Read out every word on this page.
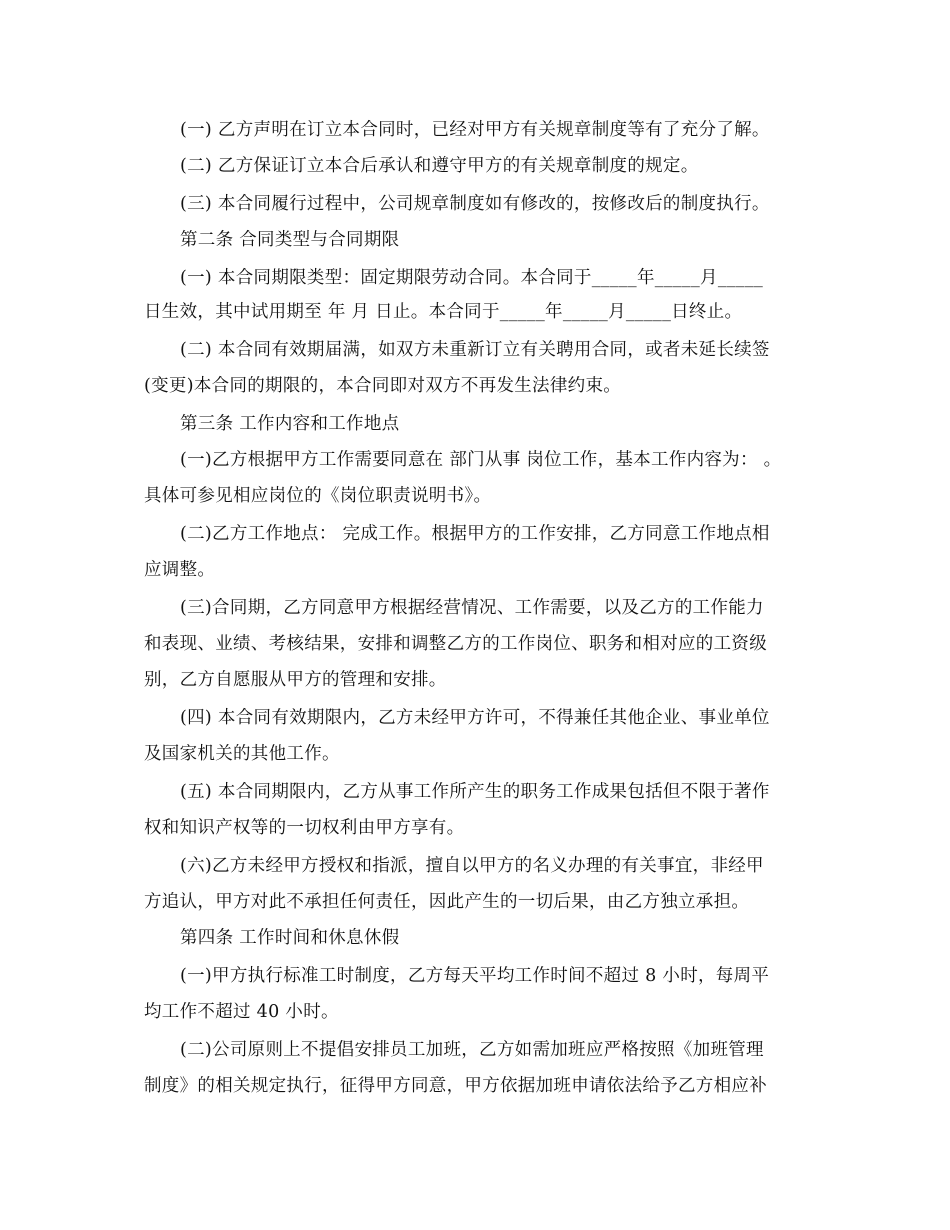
(一) 乙方声明在订立本合同时，已经对甲方有关规章制度等有了充分了解。
(二) 乙方保证订立本合后承认和遵守甲方的有关规章制度的规定。
(三) 本合同履行过程中，公司规章制度如有修改的，按修改后的制度执行。
第二条 合同类型与合同期限
(一) 本合同期限类型：固定期限劳动合同。本合同于_____年_____月_____
日生效，其中试用期至 年 月 日止。本合同于_____年_____月_____日终止。
(二) 本合同有效期届满，如双方未重新订立有关聘用合同，或者未延长续签
(变更)本合同的期限的，本合同即对双方不再发生法律约束。
第三条 工作内容和工作地点
(一)乙方根据甲方工作需要同意在 部门从事 岗位工作，基本工作内容为： 。
具体可参见相应岗位的《岗位职责说明书》。
(二)乙方工作地点： 完成工作。根据甲方的工作安排，乙方同意工作地点相
应调整。
(三)合同期，乙方同意甲方根据经营情况、工作需要，以及乙方的工作能力
和表现、业绩、考核结果，安排和调整乙方的工作岗位、职务和相对应的工资级
别，乙方自愿服从甲方的管理和安排。
(四) 本合同有效期限内，乙方未经甲方许可，不得兼任其他企业、事业单位
及国家机关的其他工作。
(五) 本合同期限内，乙方从事工作所产生的职务工作成果包括但不限于著作
权和知识产权等的一切权利由甲方享有。
(六)乙方未经甲方授权和指派，擅自以甲方的名义办理的有关事宜，非经甲
方追认，甲方对此不承担任何责任，因此产生的一切后果，由乙方独立承担。
第四条 工作时间和休息休假
(一)甲方执行标准工时制度，乙方每天平均工作时间不超过 8 小时，每周平
均工作不超过 40 小时。
(二)公司原则上不提倡安排员工加班，乙方如需加班应严格按照《加班管理
制度》的相关规定执行，征得甲方同意，甲方依据加班申请依法给予乙方相应补
